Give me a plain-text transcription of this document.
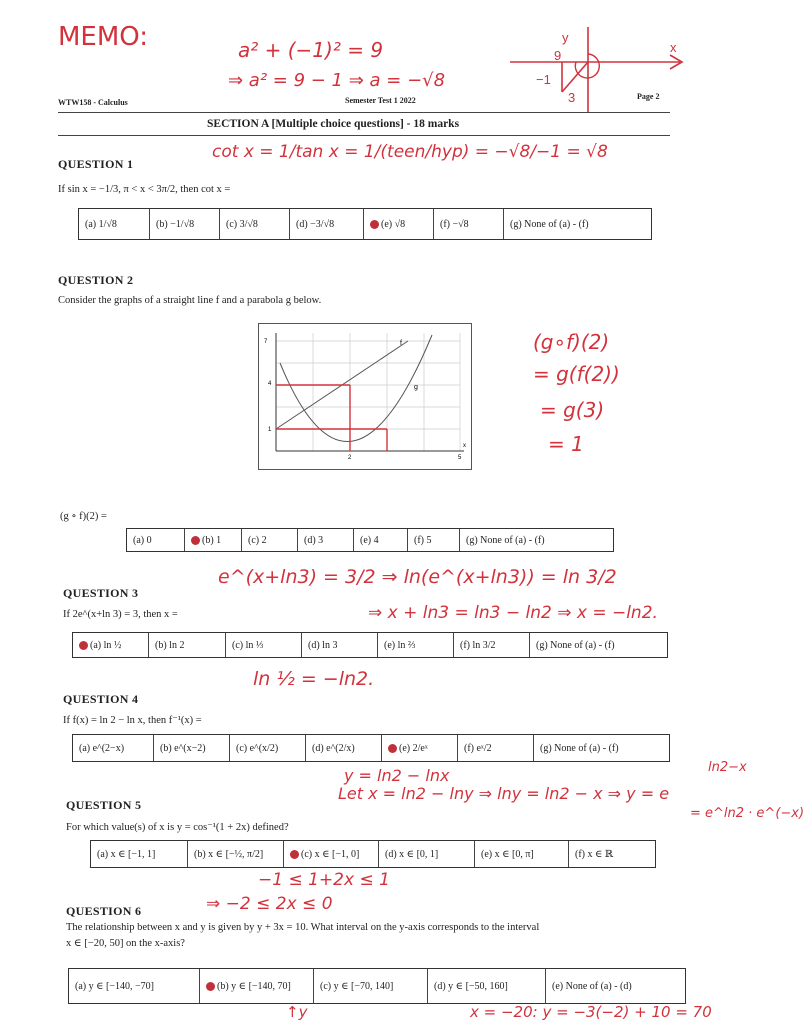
MEMO:	a² + (−1)² = 9
⇒ a² = 9 − 1 ⇒ a = −√8
y
9
−1
3
x
WTW158 - Calculus	Semester Test 1 2022	Page 2
SECTION A [Multiple choice questions] - 18 marks
QUESTION 1
cot x = 1/tan x = 1/(teen/hyp) = −√8/−1 = √8
If sin x = −1/3, π < x < 3π/2, then cot x =
(a) 1/√8	(b) −1/√8	(c) 3/√8	(d) −3/√8	(e) √8	(f) −√8	(g) None of (a) - (f)
QUESTION 2
Consider the graphs of a straight line f and a parabola g below.
7
4
1
2	5
x
f
g
(g∘f)(2)
= g(f(2))
= g(3)
= 1
(g ∘ f)(2) =
(a) 0	(b) 1	(c) 2	(d) 3	(e) 4	(f) 5	(g) None of (a) - (f)
QUESTION 3
e^(x+ln3) = 3/2 ⇒ ln(e^(x+ln3)) = ln 3/2
If 2e^(x+ln 3) = 3, then x =	⇒ x + ln3 = ln3 − ln2 ⇒ x = −ln2.
(a) ln ½	(b) ln 2	(c) ln ⅓	(d) ln 3	(e) ln ⅔	(f) ln 3/2	(g) None of (a) - (f)
ln ½ = −ln2.
QUESTION 4
If f(x) = ln 2 − ln x, then f⁻¹(x) =
(a) e^(2−x)	(b) e^(x−2)	(c) e^(x/2)	(d) e^(2/x)	(e) 2/eˣ	(f) eˣ/2	(g) None of (a) - (f)
y = ln2 − lnx
Let x = ln2 − lny ⇒ lny = ln2 − x ⇒ y = e
ln2−x
= e^ln2 · e^(−x)
QUESTION 5
For which value(s) of x is y = cos⁻¹(1 + 2x) defined?
(a) x ∈ [−1, 1]	(b) x ∈ [−½, π/2]	(c) x ∈ [−1, 0]	(d) x ∈ [0, 1]	(e) x ∈ [0, π]	(f) x ∈ ℝ
−1 ≤ 1+2x ≤ 1
⇒ −2 ≤ 2x ≤ 0
QUESTION 6
The relationship between x and y is given by y + 3x = 10. What interval on the y-axis corresponds to the interval
x ∈ [−20, 50] on the x-axis?
(a) y ∈ [−140, −70]	(b) y ∈ [−140, 70]	(c) y ∈ [−70, 140]	(d) y ∈ [−50, 160]	(e) None of (a) - (d)
x = −20: y = −3(−2) + 10 = 70
↑y
